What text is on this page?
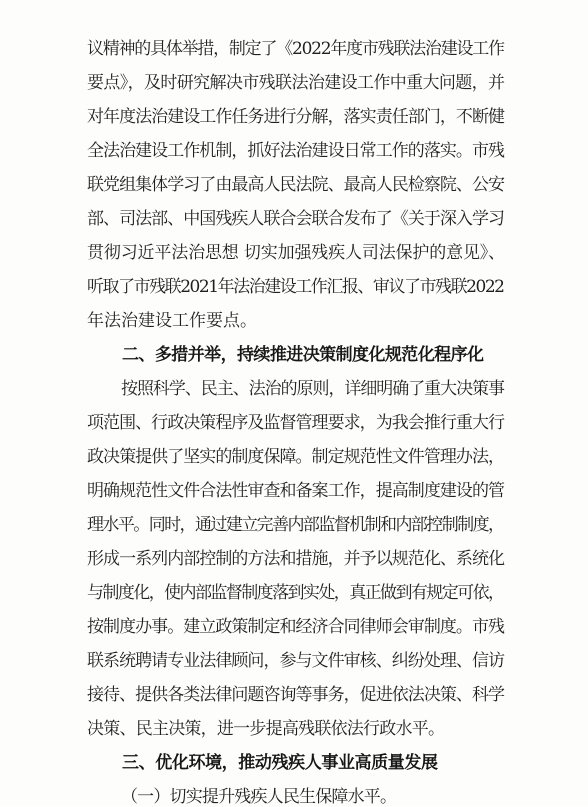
议精神的具体举措，制定了《2022年度市残联法治建设工作
要点》，及时研究解决市残联法治建设工作中重大问题，并
对年度法治建设工作任务进行分解，落实责任部门，不断健
全法治建设工作机制，抓好法治建设日常工作的落实。市残
联党组集体学习了由最高人民法院、最高人民检察院、公安
部、司法部、中国残疾人联合会联合发布了《关于深入学习
贯彻习近平法治思想 切实加强残疾人司法保护的意见》、
听取了市残联2021年法治建设工作汇报、审议了市残联2022
年法治建设工作要点。
二、多措并举，持续推进决策制度化规范化程序化
按照科学、民主、法治的原则，详细明确了重大决策事
项范围、行政决策程序及监督管理要求，为我会推行重大行
政决策提供了坚实的制度保障。制定规范性文件管理办法，
明确规范性文件合法性审查和备案工作，提高制度建设的管
理水平。同时，通过建立完善内部监督机制和内部控制制度，
形成一系列内部控制的方法和措施，并予以规范化、系统化
与制度化，使内部监督制度落到实处，真正做到有规定可依，
按制度办事。建立政策制定和经济合同律师会审制度。市残
联系统聘请专业法律顾问，参与文件审核、纠纷处理、信访
接待、提供各类法律问题咨询等事务，促进依法决策、科学
决策、民主决策，进一步提高残联依法行政水平。
三、优化环境，推动残疾人事业高质量发展
（一）切实提升残疾人民生保障水平。
